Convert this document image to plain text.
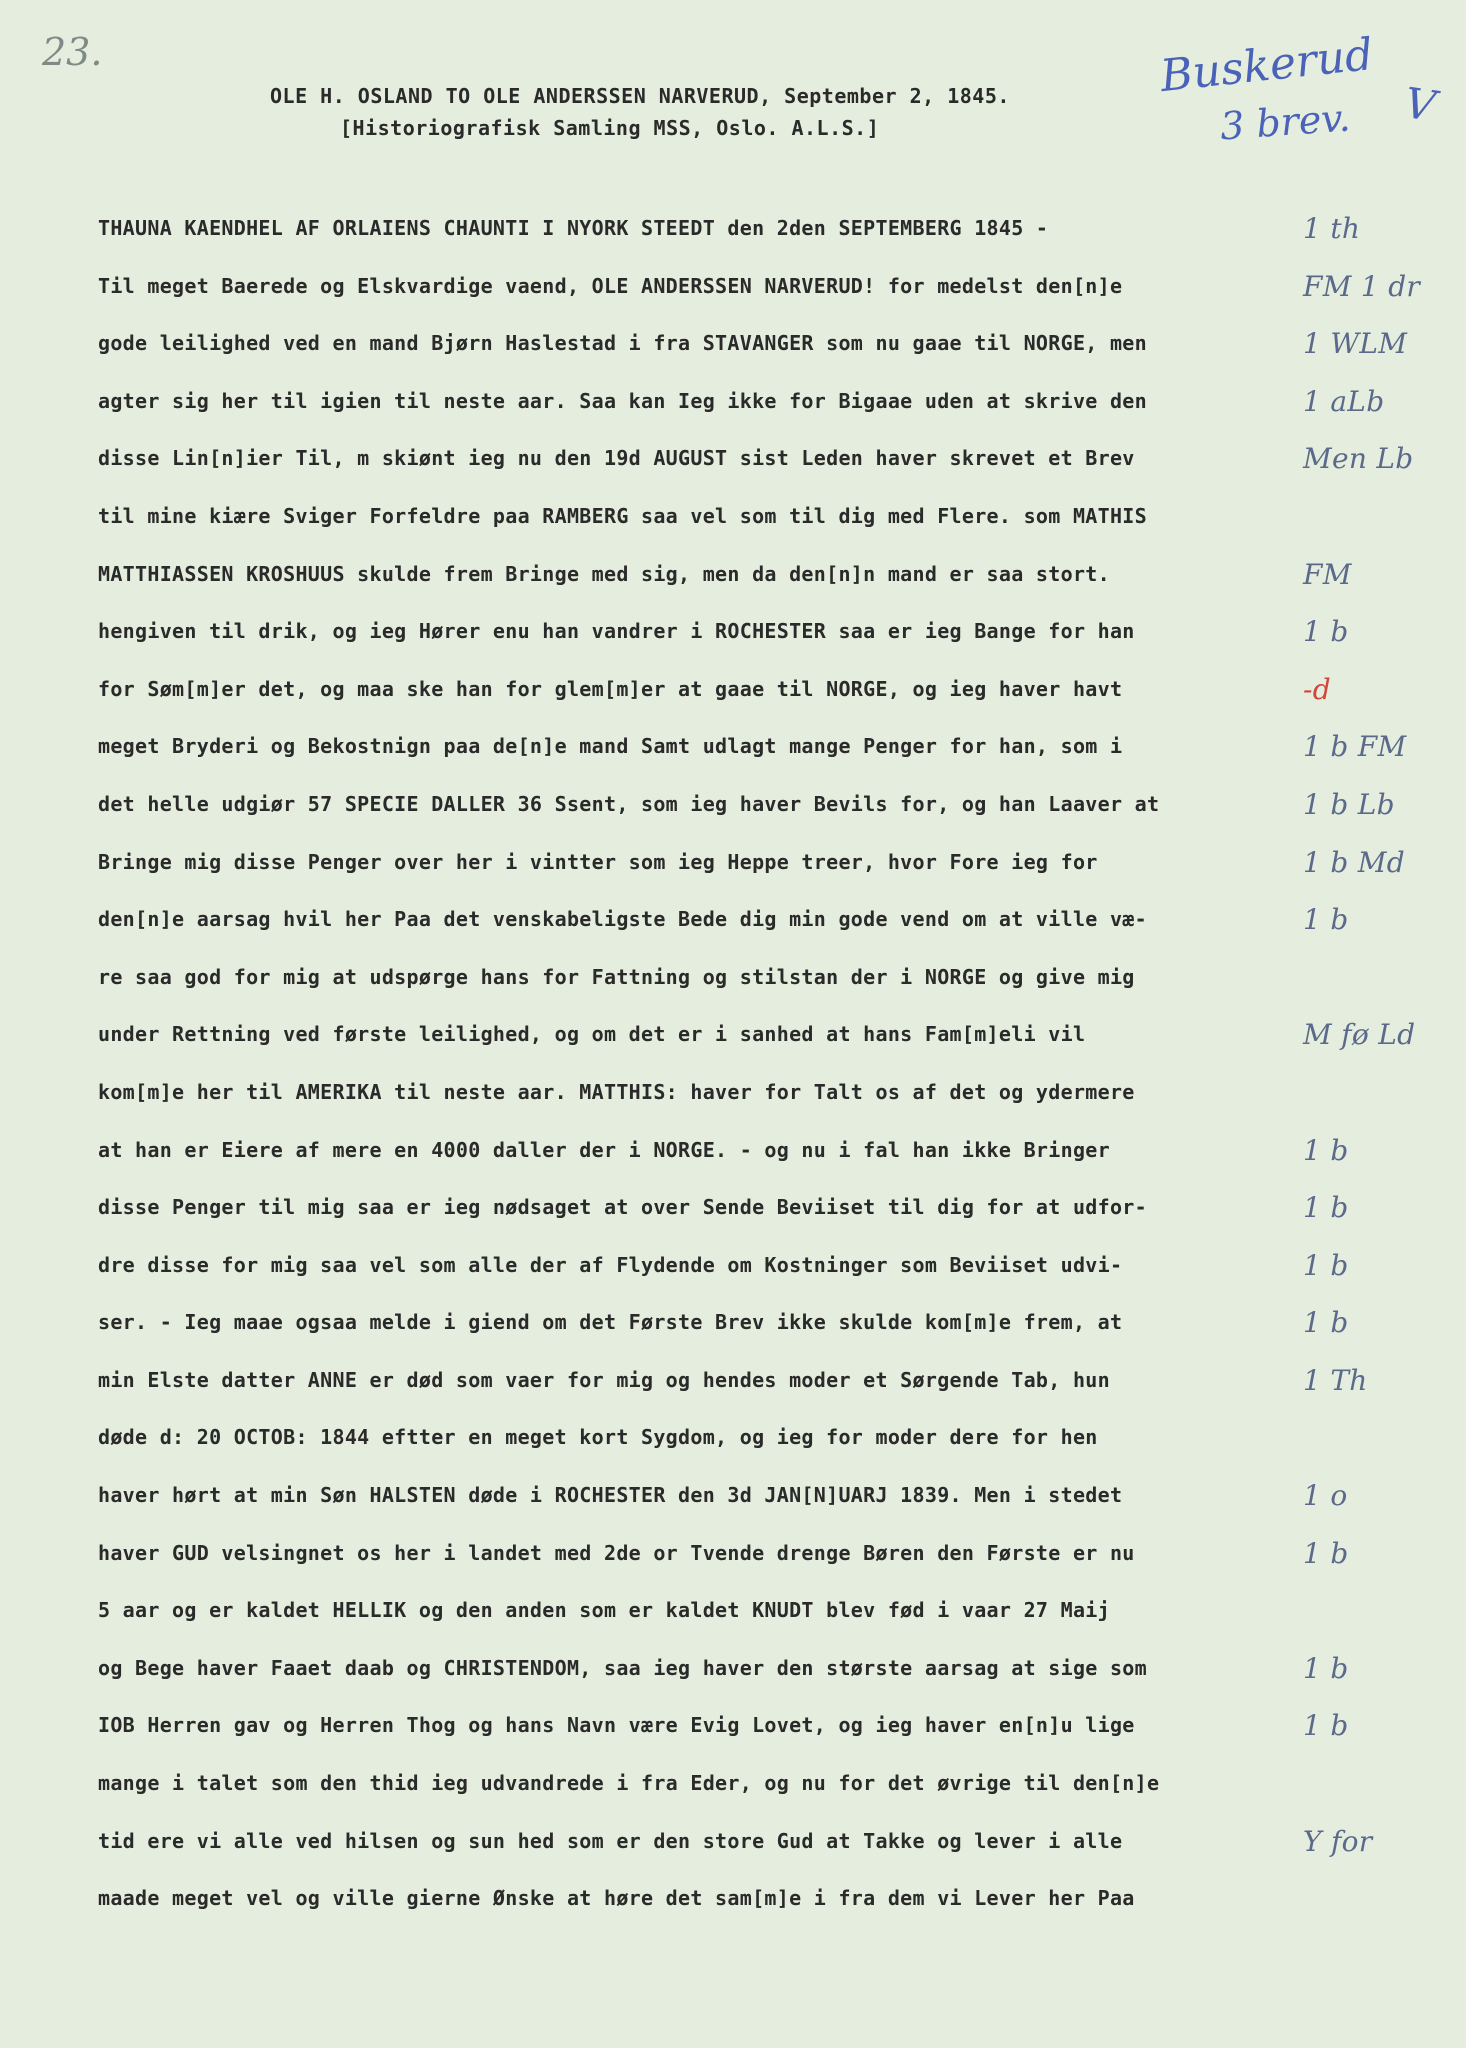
23.	Buskerud
3 brev. V
OLE H. OSLAND TO OLE ANDERSSEN NARVERUD, September 2, 1845.
[Historiografisk Samling MSS, Oslo. A.L.S.]
THAUNA KAENDHEL AF ORLAIENS CHAUNTI I NYORK STEEDT den 2den SEPTEMBERG 1845 -	1 th
Til meget Baerede og Elskvardige vaend, OLE ANDERSSEN NARVERUD! for medelst den[n]e	FM 1 dr
gode leilighed ved en mand Bjørn Haslestad i fra STAVANGER som nu gaae til NORGE, men	1 WLM
agter sig her til igien til neste aar. Saa kan Ieg ikke for Bigaae uden at skrive den	1 aLb
disse Lin[n]ier Til, m skiønt ieg nu den 19d AUGUST sist Leden haver skrevet et Brev	Men Lb
til mine kiære Sviger Forfeldre paa RAMBERG saa vel som til dig med Flere. som MATHIS
MATTHIASSEN KROSHUUS skulde frem Bringe med sig, men da den[n]n mand er saa stort.	FM
hengiven til drik, og ieg Hører enu han vandrer i ROCHESTER saa er ieg Bange for han	1 b
for Søm[m]er det, og maa ske han for glem[m]er at gaae til NORGE, og ieg haver havt	-d
meget Bryderi og Bekostnign paa de[n]e mand Samt udlagt mange Penger for han, som i	1 b FM
det helle udgiør 57 SPECIE DALLER 36 Ssent, som ieg haver Bevils for, og han Laaver at	1 b Lb
Bringe mig disse Penger over her i vintter som ieg Heppe treer, hvor Fore ieg for	1 b Md
den[n]e aarsag hvil her Paa det venskabeligste Bede dig min gode vend om at ville væ-	1 b
re saa god for mig at udspørge hans for Fattning og stilstan der i NORGE og give mig
under Rettning ved første leilighed, og om det er i sanhed at hans Fam[m]eli vil	M fø Ld
kom[m]e her til AMERIKA til neste aar. MATTHIS: haver for Talt os af det og ydermere
at han er Eiere af mere en 4000 daller der i NORGE. - og nu i fal han ikke Bringer	1 b
disse Penger til mig saa er ieg nødsaget at over Sende Beviiset til dig for at udfor-	1 b
dre disse for mig saa vel som alle der af Flydende om Kostninger som Beviiset udvi-	1 b
ser. - Ieg maae ogsaa melde i giend om det Første Brev ikke skulde kom[m]e frem, at	1 b
min Elste datter ANNE er død som vaer for mig og hendes moder et Sørgende Tab, hun	1 Th
døde d: 20 OCTOB: 1844 eftter en meget kort Sygdom, og ieg for moder dere for hen
haver hørt at min Søn HALSTEN døde i ROCHESTER den 3d JAN[N]UARJ 1839. Men i stedet	1 o
haver GUD velsingnet os her i landet med 2de or Tvende drenge Børen den Første er nu	1 b
5 aar og er kaldet HELLIK og den anden som er kaldet KNUDT blev fød i vaar 27 Maij
og Bege haver Faaet daab og CHRISTENDOM, saa ieg haver den største aarsag at sige som	1 b
IOB Herren gav og Herren Thog og hans Navn være Evig Lovet, og ieg haver en[n]u lige	1 b
mange i talet som den thid ieg udvandrede i fra Eder, og nu for det øvrige til den[n]e
tid ere vi alle ved hilsen og sun hed som er den store Gud at Takke og lever i alle	Y for
maade meget vel og ville gierne Ønske at høre det sam[m]e i fra dem vi Lever her Paa
